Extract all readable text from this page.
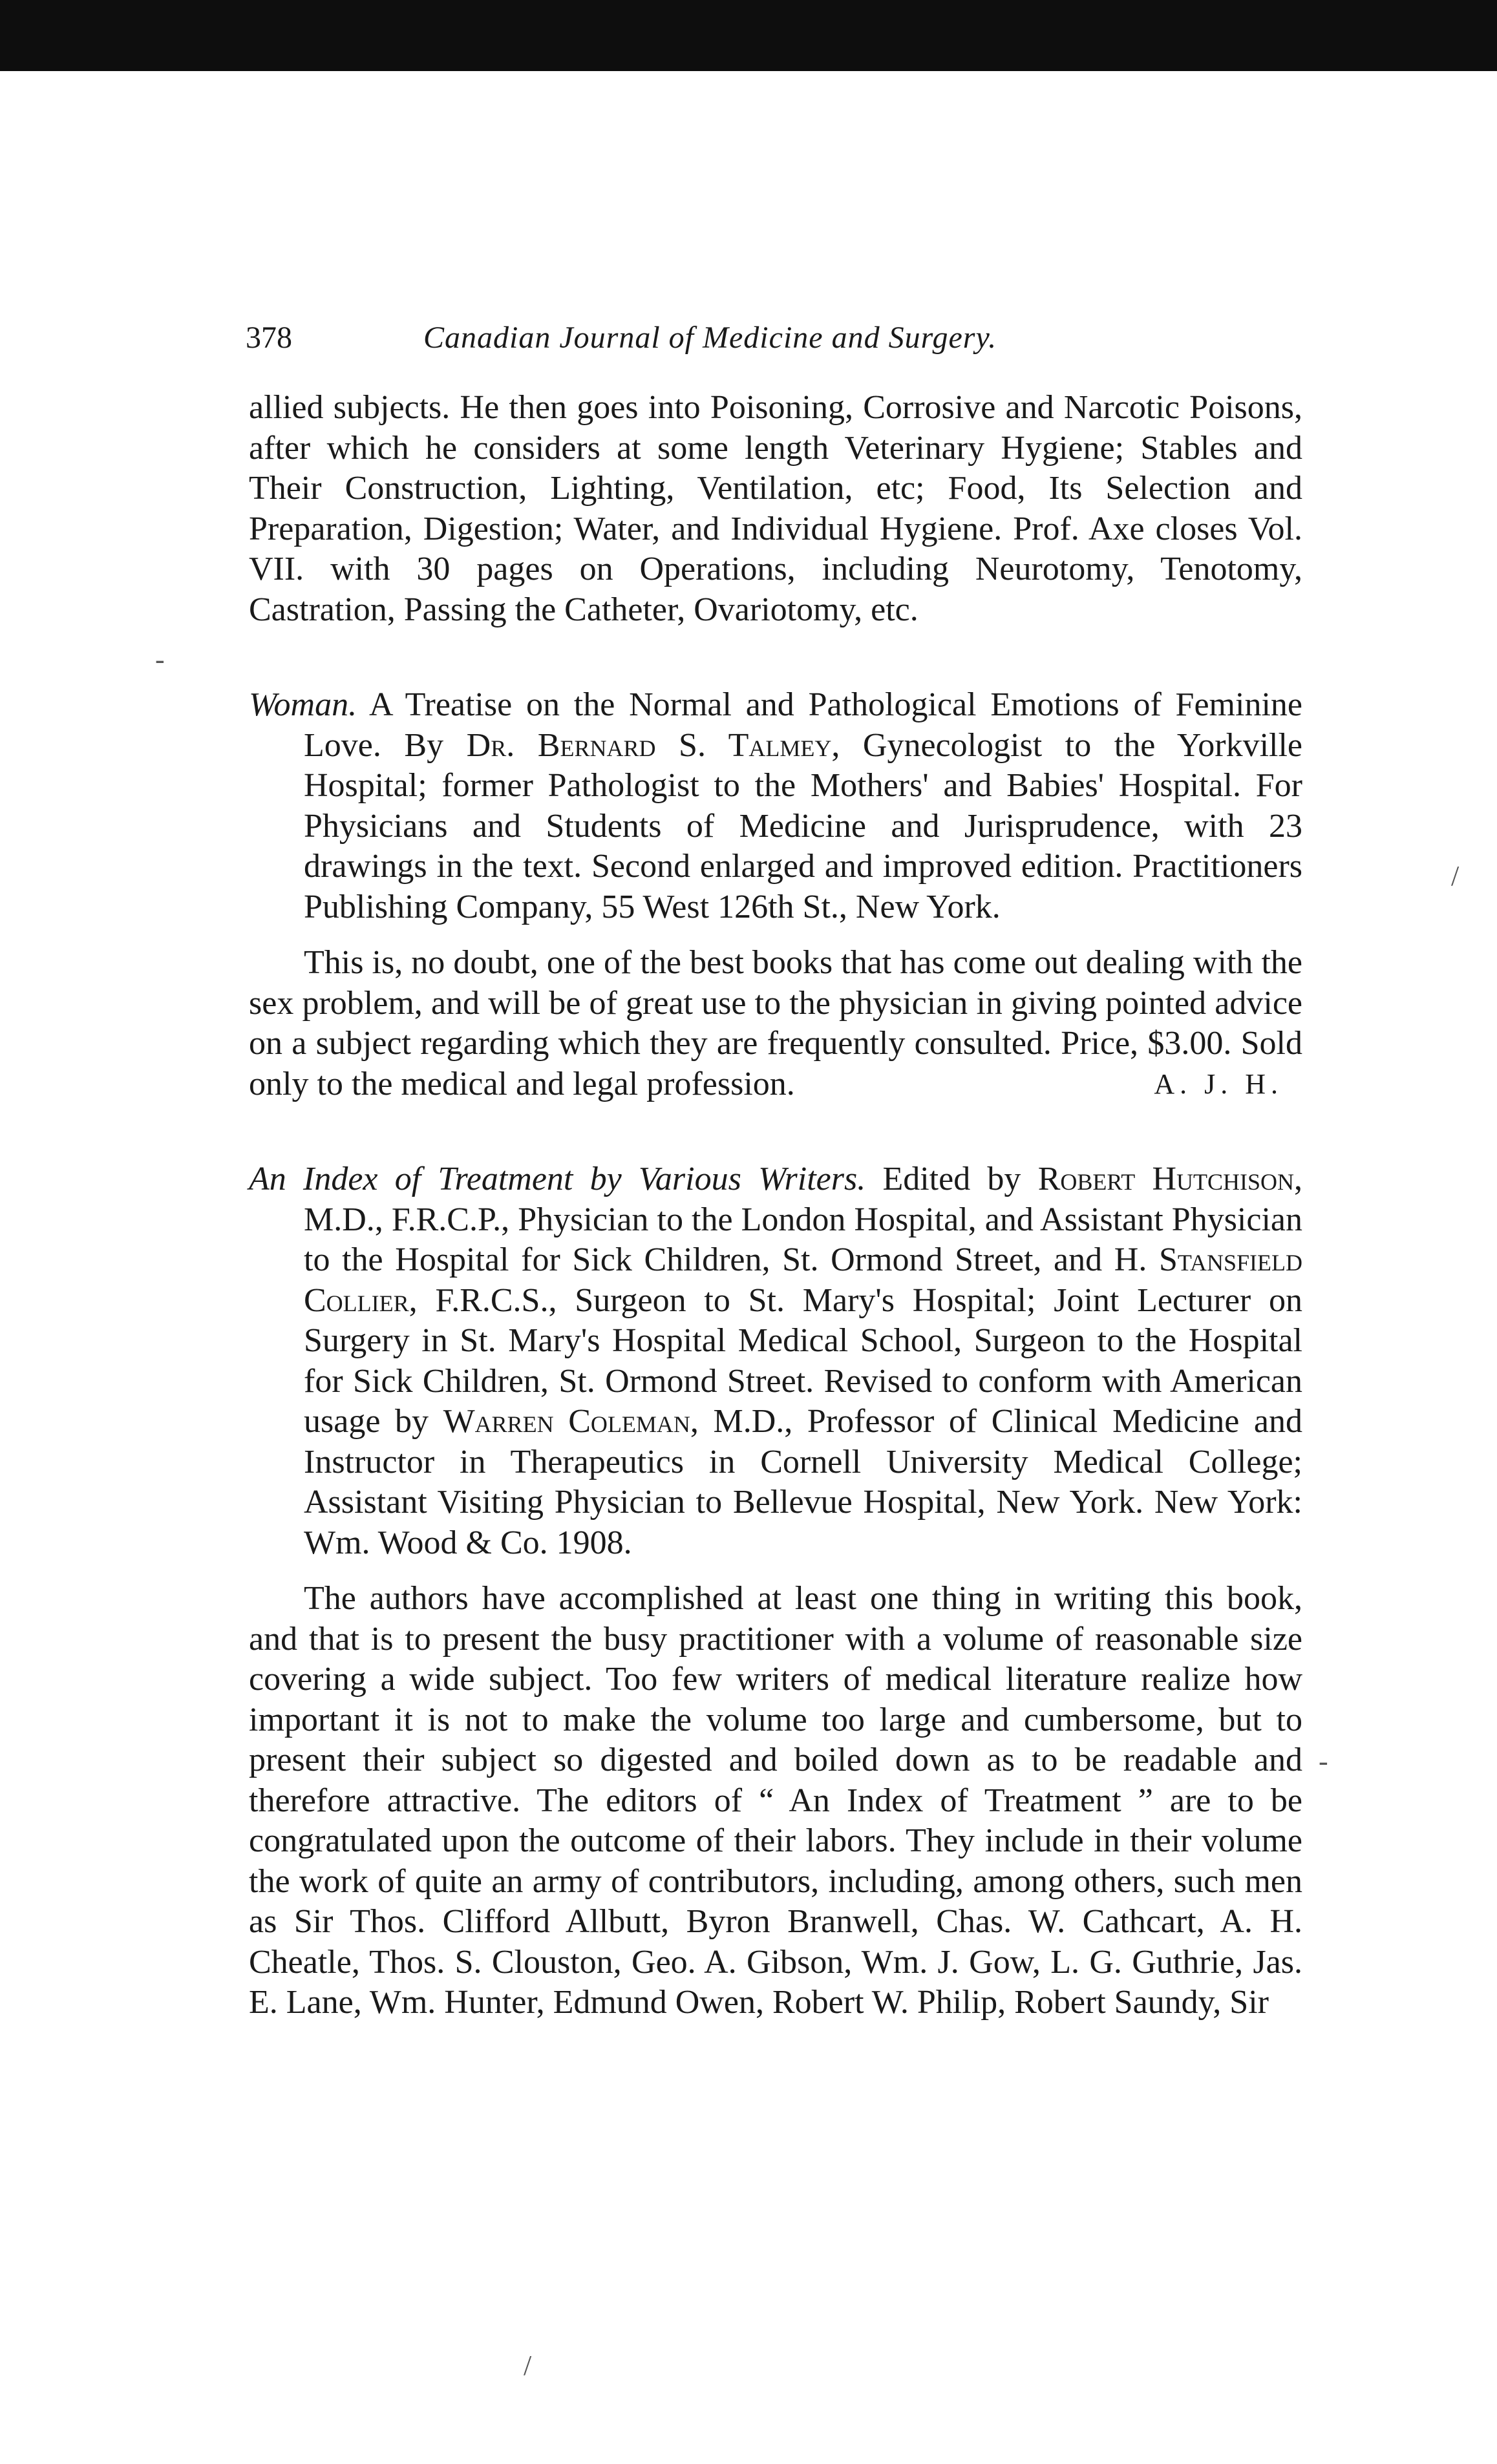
378	Canadian Journal of Medicine and Surgery.

allied subjects. He then goes into Poisoning, Corrosive and Narcotic Poisons, after which he considers at some length Veterinary Hygiene; Stables and Their Construction, Lighting, Ventilation, etc; Food, Its Selection and Preparation, Digestion; Water, and Individual Hygiene. Prof. Axe closes Vol. VII. with 30 pages on Operations, including Neurotomy, Tenotomy, Castration, Passing the Catheter, Ovariotomy, etc.

Woman. A Treatise on the Normal and Pathological Emotions of Feminine Love. By Dr. Bernard S. Talmey, Gynecologist to the Yorkville Hospital; former Pathologist to the Mothers' and Babies' Hospital. For Physicians and Students of Medicine and Jurisprudence, with 23 drawings in the text. Second enlarged and improved edition. Practitioners Publishing Company, 55 West 126th St., New York.

This is, no doubt, one of the best books that has come out dealing with the sex problem, and will be of great use to the physician in giving pointed advice on a subject regarding which they are frequently consulted. Price, $3.00. Sold only to the medical and legal profession.	A. J. H.

An Index of Treatment by Various Writers. Edited by Robert Hutchison, M.D., F.R.C.P., Physician to the London Hospital, and Assistant Physician to the Hospital for Sick Children, St. Ormond Street, and H. Stansfield Collier, F.R.C.S., Surgeon to St. Mary's Hospital; Joint Lecturer on Surgery in St. Mary's Hospital Medical School, Surgeon to the Hospital for Sick Children, St. Ormond Street. Revised to conform with American usage by Warren Coleman, M.D., Professor of Clinical Medicine and Instructor in Therapeutics in Cornell University Medical College; Assistant Visiting Physician to Bellevue Hospital, New York. New York: Wm. Wood & Co. 1908.

The authors have accomplished at least one thing in writing this book, and that is to present the busy practitioner with a volume of reasonable size covering a wide subject. Too few writers of medical literature realize how important it is not to make the volume too large and cumbersome, but to present their subject so digested and boiled down as to be readable and therefore attractive. The editors of “ An Index of Treatment ” are to be congratulated upon the outcome of their labors. They include in their volume the work of quite an army of contributors, including, among others, such men as Sir Thos. Clifford Allbutt, Byron Branwell, Chas. W. Cathcart, A. H. Cheatle, Thos. S. Clouston, Geo. A. Gibson, Wm. J. Gow, L. G. Guthrie, Jas. E. Lane, Wm. Hunter, Edmund Owen, Robert W. Philip, Robert Saundy, Sir

/
-
-
/
